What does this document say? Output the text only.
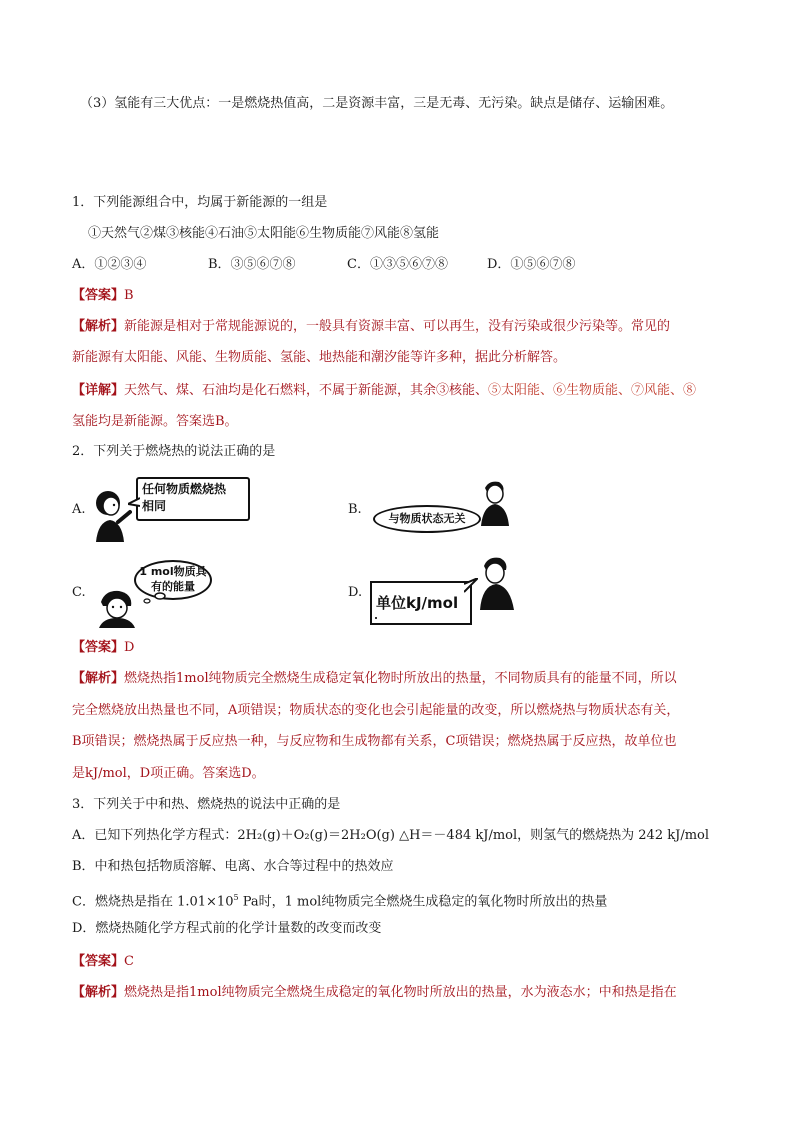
（3）氢能有三大优点：一是燃烧热值高，二是资源丰富，三是无毒、无污染。缺点是储存、运输困难。
1．下列能源组合中，均属于新能源的一组是
①天然气②煤③核能④石油⑤太阳能⑥生物质能⑦风能⑧氢能
A．①②③④	B．③⑤⑥⑦⑧	C．①③⑤⑥⑦⑧	D．①⑤⑥⑦⑧
【答案】B
【解析】新能源是相对于常规能源说的，一般具有资源丰富、可以再生，没有污染或很少污染等。常见的
新能源有太阳能、风能、生物质能、氢能、地热能和潮汐能等许多种，据此分析解答。
【详解】天然气、煤、石油均是化石燃料，不属于新能源，其余③核能、⑤太阳能、⑥生物质能、⑦风能、⑧
氢能均是新能源。答案选B。
2．下列关于燃烧热的说法正确的是
A.
任何物质燃烧热
相同	B.
与物质状态无关
C.
1 mol物质具
有的能量	D.
单位kJ/mol
【答案】D
【解析】燃烧热指1mol纯物质完全燃烧生成稳定氧化物时所放出的热量，不同物质具有的能量不同，所以
完全燃烧放出热量也不同，A项错误；物质状态的变化也会引起能量的改变，所以燃烧热与物质状态有关，
B项错误；燃烧热属于反应热一种，与反应物和生成物都有关系，C项错误；燃烧热属于反应热，故单位也
是kJ/mol，D项正确。答案选D。
3．下列关于中和热、燃烧热的说法中正确的是
A．已知下列热化学方程式：2H₂(g)＋O₂(g)＝2H₂O(g) △H＝－484 kJ/mol，则氢气的燃烧热为 242 kJ/mol
B．中和热包括物质溶解、电离、水合等过程中的热效应
C．燃烧热是指在 $1.01\times 10^5$ Pa时，1 mol纯物质完全燃烧生成稳定的氧化物时所放出的热量
D．燃烧热随化学方程式前的化学计量数的改变而改变
【答案】C
【解析】燃烧热是指1mol纯物质完全燃烧生成稳定的氧化物时所放出的热量，水为液态水；中和热是指在
